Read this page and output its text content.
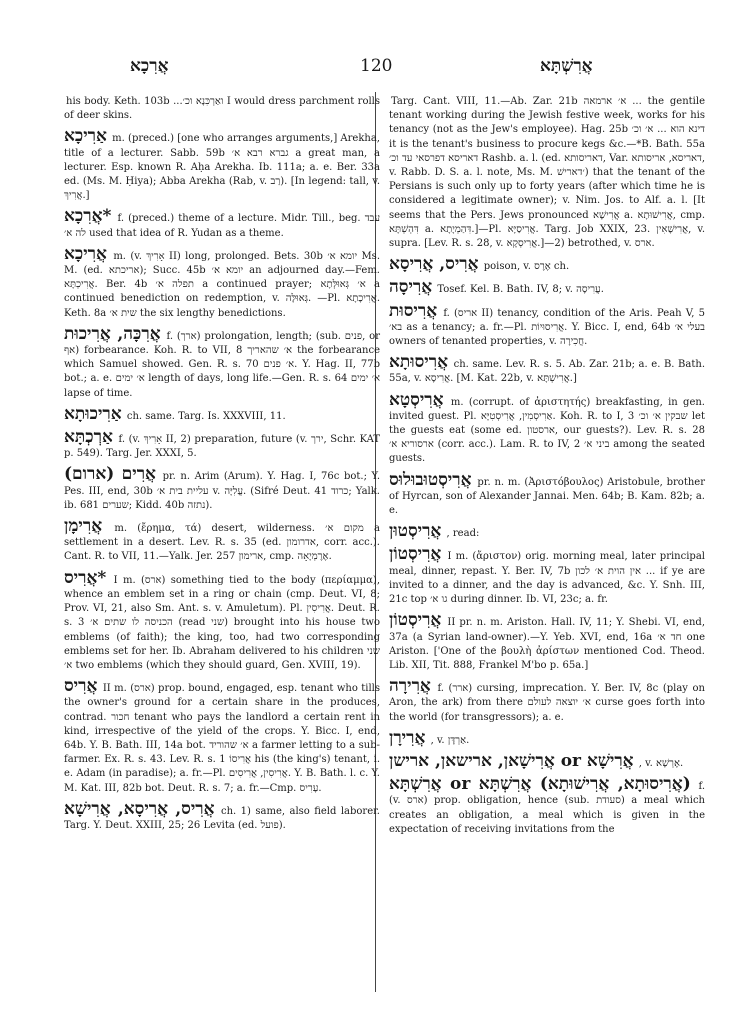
אֲרִכָא	120	אֲרִשְׁתָּא

his body. Keth. 103b ...ואַרְכִּנָא וכ׳ I would dress parchment rolls of deer skins.

אַרִיכָא m. (preced.) [one who arranges arguments,] Arekha, title of a lecturer. Sabb. 59b גברא רבא א׳ a great man, a lecturer. Esp. known R. Aḥa Arekha. Ib. 111a; a. e. Ber. 33a ed. (Ms. M. Ḥiya); Abba Arekha (Rab, v. רַב). [In legend: tall, v. אֲרִיךְ.]

*אֲרִכָא f. (preced.) theme of a lecture. Midr. Till., beg. עבד לה א׳ used that idea of R. Yudan as a theme.

אֲרִיכָא m. (v. אָרִיךְ II) long, prolonged. Bets. 30b יומא א׳ Ms. M. (ed. אריכתא); Succ. 45b יומא א׳ an adjourned day.—Fem. אֲרִיכְתָּא. Ber. 4b תפלה א׳ a continued prayer; א׳ גְּאוּלְּתָא a continued benediction on redemption, v. גְּאוּלָּה. —Pl. אֲרִיכָתָא. Keth. 8a שית א׳ the six lengthy benedictions.

אֲרִכָּה, אֲרִיכוּת f. (ארך) prolongation, length; (sub. פנים, or אף) forbearance. Koh. R. to VII, 8 א׳ שהאריך the forbearance which Samuel showed. Gen. R. s. 70 א׳ פנים. Y. Hag. II, 77b bot.; a. e. א׳ ימים length of days, long life.—Gen. R. s. 64 א׳ ימים lapse of time.

אַרִיכוּתָא ch. same. Targ. Is. XXXVIII, 11.

אַרְכְתָּא f. (v. אָרִיךְ II, 2) preparation, future (v. ירך, Schr. KAT p. 549). Targ. Jer. XXXI, 5.

אֲרִים (ארום) pr. n. Arim (Arum). Y. Hag. I, 76c bot.; Y. Pes. III, end, 30b עליית בית א׳ v. עֲלִיָּה. (Sifré Deut. 41 כרוד; Yalk. ib. 681 שערים; Kidd. 40b נתזה).

אֲרִימָן m. (ἔρημα, τά) desert, wilderness. מקום א׳ a settlement in a desert. Lev. R. s. 35 (ed. אדרומון, corr. acc.). Cant. R. to VII, 11.—Yalk. Jer. 257 ארימון, cmp. אֶרֶמְיָאָה.

*אֲרִיס I m. (ארס) something tied to the body (περίαμμα), whence an emblem set in a ring or chain (cmp. Deut. VI, 8; Prov. VI, 21, also Sm. Ant. s. v. Amuletum). Pl. אֲרִיסִין. Deut. R. s. 3 הכניסה לו שתים א׳ (read שני) brought into his house two emblems (of faith); the king, too, had two corresponding emblems set for her. Ib. Abraham delivered to his children שני א׳ two emblems (which they should guard, Gen. XVIII, 19).

אֲרִיס II m. (ארס) prop. bound, engaged, esp. tenant who tills the owner's ground for a certain share in the produces, contrad. חכור tenant who pays the landlord a certain rent in kind, irrespective of the yield of the crops. Y. Bicc. I, end, 64b. Y. B. Bath. III, 14a bot. א׳ שהוריד a farmer letting to a sub-farmer. Ex. R. s. 43. Lev. R. s. 1 אֲרִיסוֹ his (the king's) tenant, i. e. Adam (in paradise); a. fr.—Pl. אֲרִיסִין, אֲרִיסִים. Y. B. Bath. l. c. Y. M. Kat. III, 82b bot. Deut. R. s. 7; a. fr.—Cmp. עָרִיס.

אֲרִיס, אֲרִיסָא, אֲרִישָׁא ch. 1) same, also field laborer. Targ. Y. Deut. XXIII, 25; 26 Levita (ed. פועל).

Targ. Cant. VIII, 11.—Ab. Zar. 21b א׳ ארמאה ... the gentile tenant working during the Jewish festive week, works for his tenancy (not as the Jew's employee). Hag. 25b דינא הוא ... א׳ וכ׳ it is the tenant's business to procure kegs &c.—*B. Bath. 55a דאריסא דפרסאי עד וכ׳ Rashb. a. l. (ed. דאריסותא, Var. דאריסא, אריסותא, v. Rabb. D. S. a. l. note, Ms. M. ׳דארישׁ) that the tenant of the Persians is such only up to forty years (after which time he is considered a legitimate owner); v. Nim. Jos. to Alf. a. l. [It seems that the Pers. Jews pronounced אֲרִישָׁא a. אֲרִישׁוּתָא, cmp. דִּהְשְׁתָּא a. דִּהַמְיָתָא.]—Pl. אֲרִיסַיָּא. Targ. Job XXIX, 23. אֲרִישָׁאִין, v. supra. [Lev. R. s. 28, v. אֲרִיסְקָא.]—2) betrothed, v. ארס.

אֲרִיס, אֲרִיסָא poison, v. אֶרֶס ch.

אֲרִיסָה Tosef. Kel. B. Bath. IV, 8; v. עֲרִיסָה.

אֲרִיסוּת f. (אריס II) tenancy, condition of the Aris. Peah V, 5 בא׳ as a tenancy; a. fr.—Pl. אֲרִיסוּיוֹת. Y. Bicc. I, end, 64b בעלי א׳ owners of tenanted properties, v. חֲכִירָה.

אֲרִיסוּתָא ch. same. Lev. R. s. 5. Ab. Zar. 21b; a. e. B. Bath. 55a, v. אֲרִיסָא. [M. Kat. 22b, v. אֲרִישְׁתָּא.]

אֲרִיסְטָא m. (corrupt. of ἀριστητής) breakfasting, in gen. invited guest. Pl. אַרִיסְמִין, אֲרִיסְטִיָּא. Koh. R. to I, 3 שבקין א׳ וכ׳ let the guests eat (some ed. ארסטון, our guests?). Lev. R. s. 28 ארסוריא א׳ (corr. acc.). Lam. R. to IV, 2 ביני א׳ among the seated guests.

אֲרִיסְטוּבוּלוּס pr. n. m. (Ἀριστόβουλος) Aristobule, brother of Hyrcan, son of Alexander Jannai. Men. 64b; B. Kam. 82b; a. e.

אֲרִיסְטוּן , read:

אֲרִיסְטוֹן I m. (ἄριστον) orig. morning meal, later principal meal, dinner, repast. Y. Ber. IV, 7b אין הוית א׳ לכון ... if ye are invited to a dinner, and the day is advanced, &c. Y. Snh. III, 21c top גו א׳ during dinner. Ib. VI, 23c; a. fr.

אֲרִיסְטוֹן II pr. n. m. Ariston. Hall. IV, 11; Y. Shebi. VI, end, 37a (a Syrian land-owner).—Y. Yeb. XVI, end, 16a חד א׳ one Ariston. ['One of the βουλὴ ἀρίστων mentioned Cod. Theod. Lib. XII, Tit. 888, Frankel M'bo p. 65a.]

אֲרִירָה f. (ארר) cursing, imprecation. Y. Ber. IV, 8c (play on Aron, the ark) from there א׳ יוצאה לעולם curse goes forth into the world (for transgressors); a. e.

אֲרִירָן , v. אַרְדָּן.

אֲרִישָׁא or אֲרִישָׁאן, ארישאן, ארישן , v. אֶרְשָׁא.

(אֲרִיסוּתָא, אֲרִישׁוּתָא) אֲרִשְׁתָּא or אֲרִשְׁתָּא f. (v. ארס) prop. obligation, hence (sub. סעודת) a meal which creates an obligation, a meal which is given in the expectation of receiving invitations from the
